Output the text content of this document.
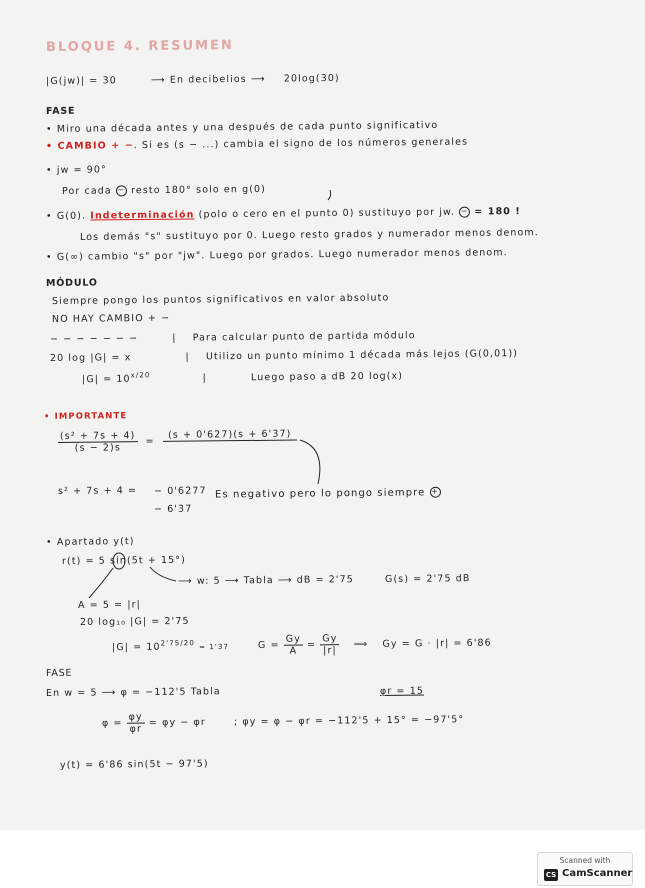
BLOQUE 4. RESUMEN
|G(jw)| = 30	⟶ En decibelios ⟶ 20log(30)
FASE
• Miro una década antes y una después de cada punto significativo
• CAMBIO + −. Si es (s − ...) cambia el signo de los números generales
• jw = 90°
Por cada − resto 180° solo en g(0)
• G(0). Indeterminación (polo o cero en el punto 0) sustituyo por jw. − = 180 !
Los demás "s" sustituyo por 0. Luego resto grados y numerador menos denom.
• G(∞) cambio "s" por "jw". Luego por grados. Luego numerador menos denom.
MÓDULO
Siempre pongo los puntos significativos en valor absoluto
NO HAY CAMBIO + −
− − − − − − −	| Para calcular punto de partida módulo
20 log |G| = x	| Utilizo un punto mínimo 1 década más lejos (G(0,01))
$|G| = 10^{x/20}$	|	Luego paso a dB 20 log(x)
• IMPORTANTE
$\frac{\text{(s² + 7s + 4)}}{(s - 2)s}$ =
(s + 0'627)(s + 6'37)

s² + 7s + 4 = − 0'6277
− 6'37
Es negativo pero lo pongo siempre +
• Apartado y(t)
r(t) = 5 sin(5t + 15°)
⟶ w: 5 ⟶ Tabla ⟶ dB = 2'75	G(s) = 2'75 dB
A = 5 = |r|
20 log₁₀ |G| = 2'75
$|G| = 10^{2'75/20} = 1'37$	$G = \frac{Gy}{A} = \frac{Gy}{|r|}$ ⟹ Gy = G · |r| = 6'86
FASE
En w = 5 ⟶ φ = −112'5 Tabla	φr = 15
$\varphi = \frac{\varphi y}{\varphi r} = \varphi y - \varphi r$	; φy = φ − φr = −112'5 + 15° = −97'5°
y(t) = 6'86 sin(5t − 97'5)
Scanned with
CS CamScanner
